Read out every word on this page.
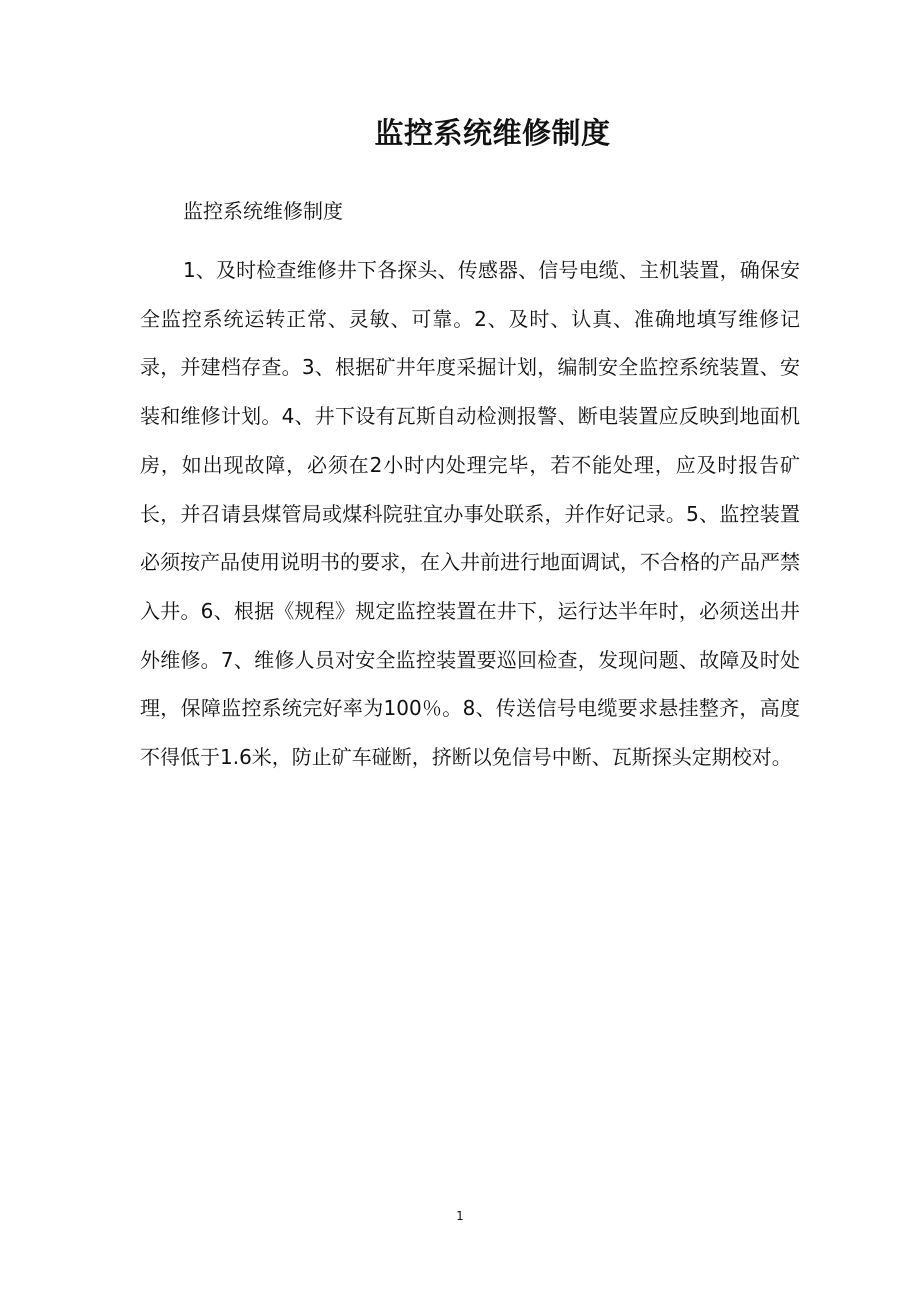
监控系统维修制度

监控系统维修制度

1、及时检查维修井下各探头、传感器、信号电缆、主机装置，确保安全监控系统运转正常、灵敏、可靠。2、及时、认真、准确地填写维修记录，并建档存查。3、根据矿井年度采掘计划，编制安全监控系统装置、安装和维修计划。4、井下设有瓦斯自动检测报警、断电装置应反映到地面机房，如出现故障，必须在2小时内处理完毕，若不能处理，应及时报告矿长，并召请县煤管局或煤科院驻宜办事处联系，并作好记录。5、监控装置必须按产品使用说明书的要求，在入井前进行地面调试，不合格的产品严禁入井。6、根据《规程》规定监控装置在井下，运行达半年时，必须送出井外维修。7、维修人员对安全监控装置要巡回检查，发现问题、故障及时处理，保障监控系统完好率为100％。8、传送信号电缆要求悬挂整齐，高度不得低于1.6米，防止矿车碰断，挤断以免信号中断、瓦斯探头定期校对。

1
